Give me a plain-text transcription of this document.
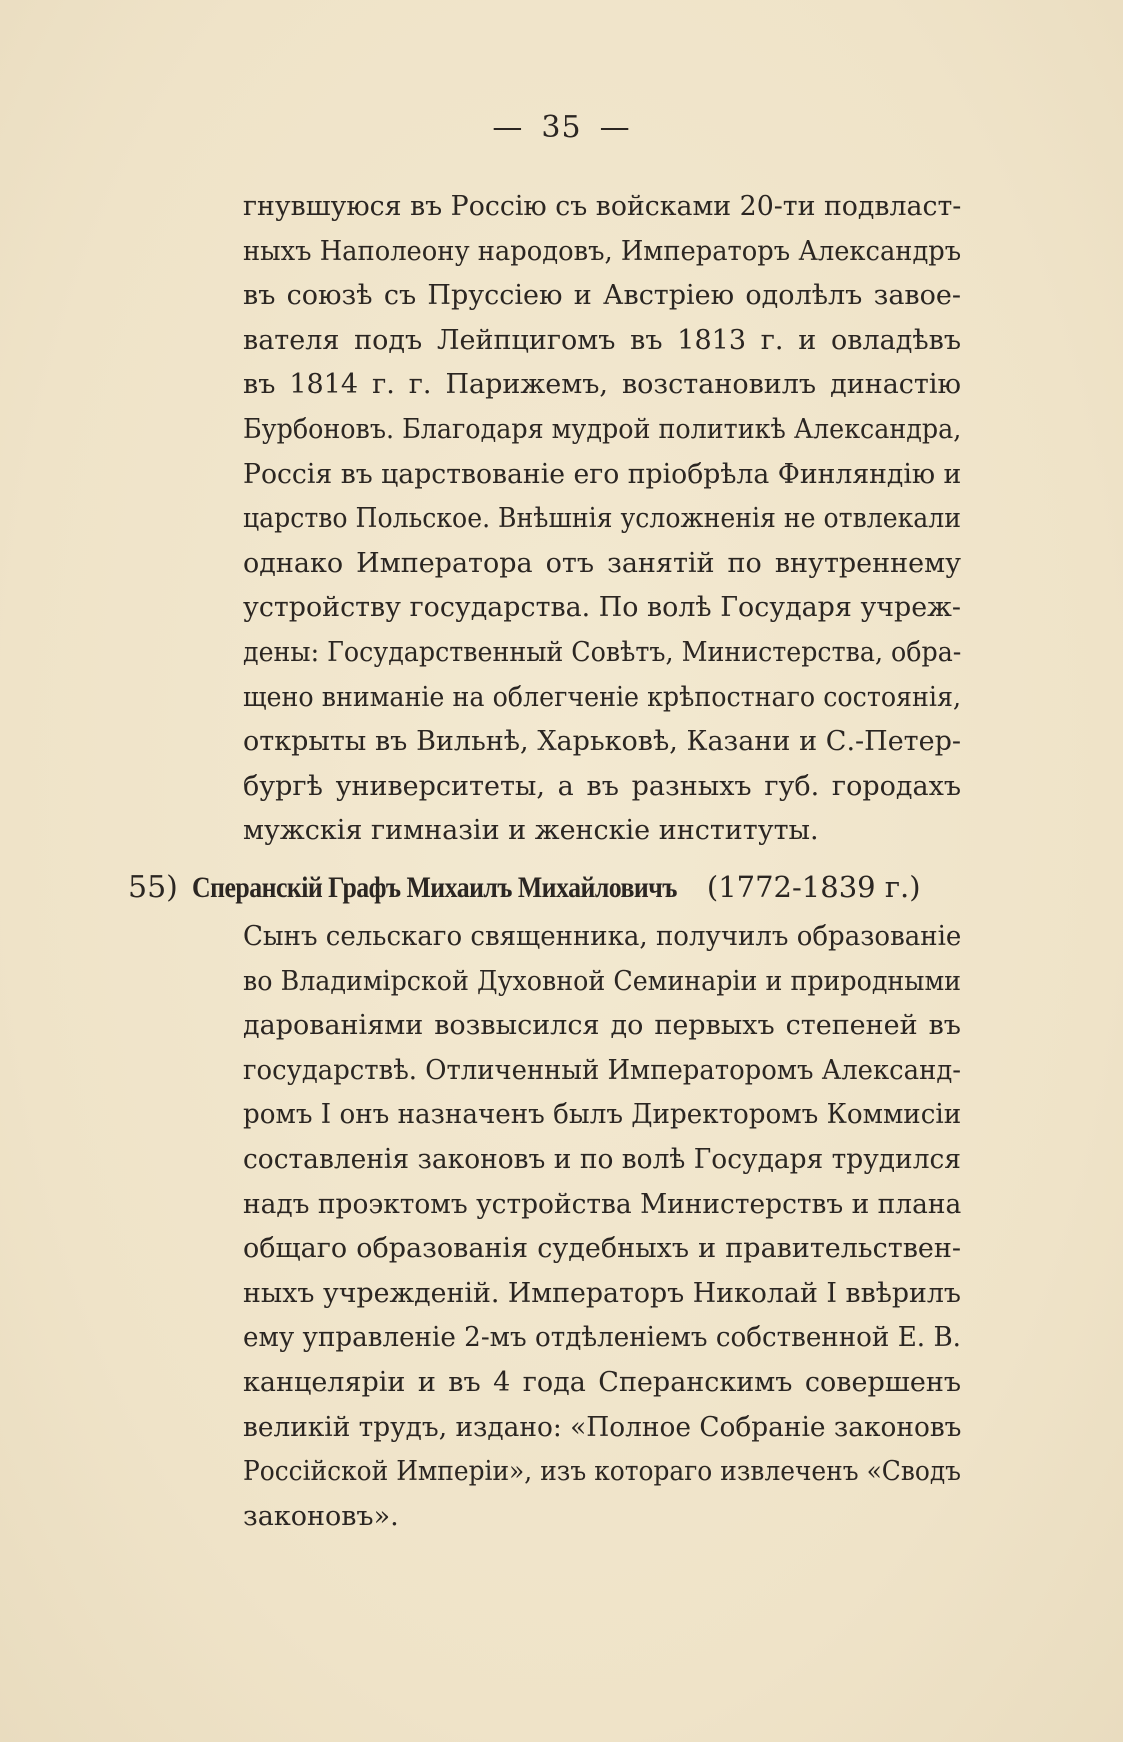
— 35 —
гнувшуюся въ Россію съ войсками 20-ти подвласт-
ныхъ Наполеону народовъ, Императоръ Александръ
въ союзѣ съ Пруссіею и Австріею одолѣлъ завое-
вателя подъ Лейпцигомъ въ 1813 г. и овладѣвъ
въ 1814 г. г. Парижемъ, возстановилъ династію
Бурбоновъ. Благодаря мудрой политикѣ Александра,
Россія въ царствованіе его пріобрѣла Финляндію и
царство Польское. Внѣшнія усложненія не отвлекали
однако Императора отъ занятій по внутреннему
устройству государства. По волѣ Государя учреж-
дены: Государственный Совѣтъ, Министерства, обра-
щено вниманіе на облегченіе крѣпостнаго состоянія,
открыты въ Вильнѣ, Харьковѣ, Казани и С.-Петер-
бургѣ университеты, а въ разныхъ губ. городахъ
мужскія гимназіи и женскіе институты.
55) Сперанскій Графъ Михаилъ Михайловичъ	(1772-1839 г.)
Сынъ сельскаго священника, получилъ образованіе
во Владимірской Духовной Семинаріи и природными
дарованіями возвысился до первыхъ степеней въ
государствѣ. Отличенный Императоромъ Александ-
ромъ I онъ назначенъ былъ Директоромъ Коммисіи
составленія законовъ и по волѣ Государя трудился
надъ проэктомъ устройства Министерствъ и плана
общаго образованія судебныхъ и правительствен-
ныхъ учрежденій. Императоръ Николай I ввѣрилъ
ему управленіе 2-мъ отдѣленіемъ собственной Е. В.
канцеляріи и въ 4 года Сперанскимъ совершенъ
великій трудъ, издано: «Полное Собраніе законовъ
Россійской Имперіи», изъ котораго извлеченъ «Сводъ
законовъ».
